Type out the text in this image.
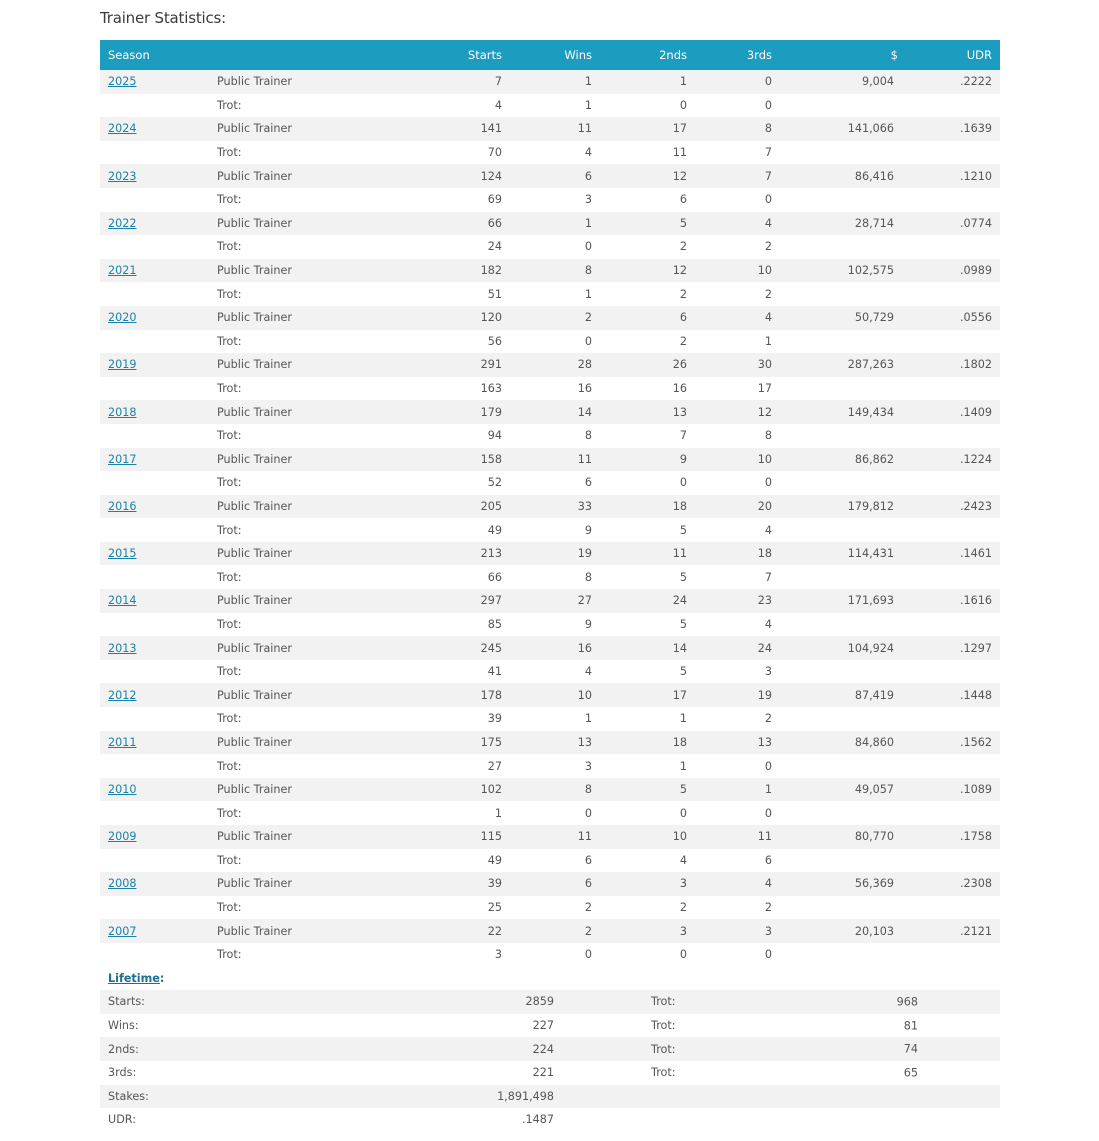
Trainer Statistics:
Season		Starts	Wins	2nds	3rds	$	UDR
2025	Public Trainer	7	1	1	0	9,004	.2222
	Trot:	4	1	0	0		
2024	Public Trainer	141	11	17	8	141,066	.1639
	Trot:	70	4	11	7		
2023	Public Trainer	124	6	12	7	86,416	.1210
	Trot:	69	3	6	0		
2022	Public Trainer	66	1	5	4	28,714	.0774
	Trot:	24	0	2	2		
2021	Public Trainer	182	8	12	10	102,575	.0989
	Trot:	51	1	2	2		
2020	Public Trainer	120	2	6	4	50,729	.0556
	Trot:	56	0	2	1		
2019	Public Trainer	291	28	26	30	287,263	.1802
	Trot:	163	16	16	17		
2018	Public Trainer	179	14	13	12	149,434	.1409
	Trot:	94	8	7	8		
2017	Public Trainer	158	11	9	10	86,862	.1224
	Trot:	52	6	0	0		
2016	Public Trainer	205	33	18	20	179,812	.2423
	Trot:	49	9	5	4		
2015	Public Trainer	213	19	11	18	114,431	.1461
	Trot:	66	8	5	7		
2014	Public Trainer	297	27	24	23	171,693	.1616
	Trot:	85	9	5	4		
2013	Public Trainer	245	16	14	24	104,924	.1297
	Trot:	41	4	5	3		
2012	Public Trainer	178	10	17	19	87,419	.1448
	Trot:	39	1	1	2		
2011	Public Trainer	175	13	18	13	84,860	.1562
	Trot:	27	3	1	0		
2010	Public Trainer	102	8	5	1	49,057	.1089
	Trot:	1	0	0	0		
2009	Public Trainer	115	11	10	11	80,770	.1758
	Trot:	49	6	4	6		
2008	Public Trainer	39	6	3	4	56,369	.2308
	Trot:	25	2	2	2		
2007	Public Trainer	22	2	3	3	20,103	.2121
	Trot:	3	0	0	0		
Lifetime:				
Starts:	2859		Trot: 968	

Wins:	227		Trot: 81	

2nds:	224		Trot: 74	

3rds:	221		Trot: 65	

Stakes:	1,891,498		

UDR:	.1487		
